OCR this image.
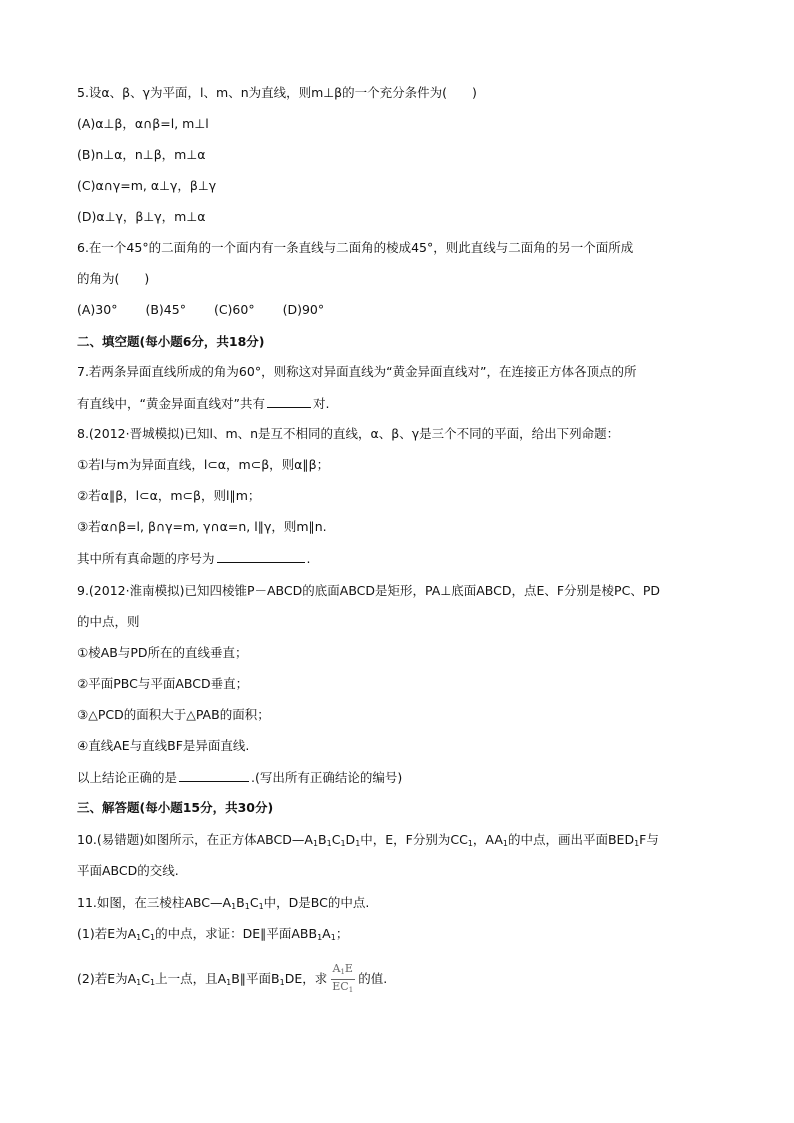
5.设α、β、γ为平面，l、m、n为直线，则m⊥β的一个充分条件为(　　)
(A)α⊥β，α∩β=l, m⊥l
(B)n⊥α，n⊥β，m⊥α
(C)α∩γ=m, α⊥γ，β⊥γ
(D)α⊥γ，β⊥γ，m⊥α
6.在一个45°的二面角的一个面内有一条直线与二面角的棱成45°，则此直线与二面角的另一个面所成
的角为(　　)
(A)30° (B)45° (C)60° (D)90°
二、填空题(每小题6分，共18分)
7.若两条异面直线所成的角为60°，则称这对异面直线为“黄金异面直线对”，在连接正方体各顶点的所
有直线中，“黄金异面直线对”共有	对.
8.(2012·晋城模拟)已知l、m、n是互不相同的直线，α、β、γ是三个不同的平面，给出下列命题：
①若l与m为异面直线，l⊂α，m⊂β，则α∥β；
②若α∥β，l⊂α，m⊂β，则l∥m；
③若α∩β=l, β∩γ=m, γ∩α=n, l∥γ，则m∥n.
其中所有真命题的序号为	.
9.(2012·淮南模拟)已知四棱锥P－ABCD的底面ABCD是矩形，PA⊥底面ABCD，点E、F分别是棱PC、PD
的中点，则
①棱AB与PD所在的直线垂直；
②平面PBC与平面ABCD垂直；
③△PCD的面积大于△PAB的面积；
④直线AE与直线BF是异面直线.
以上结论正确的是	.(写出所有正确结论的编号)
三、解答题(每小题15分，共30分)
10.(易错题)如图所示，在正方体$ABCD—A_1B_1C_1D_1$中，E，F分别为$CC_1$，$AA_1$的中点，画出平面$BED_1F$与
平面ABCD的交线.
11.如图，在三棱柱$ABC—A_1B_1C_1$中，D是BC的中点.
(1)若E为$A_1C_1$的中点，求证：DE∥平面$ABB_1A_1$；
(2)若E为$A_1C_1$上一点，且$A_1B\parallel$平面$B_1DE$，求 $\frac{A_1E}{EC_1}$ 的值.
